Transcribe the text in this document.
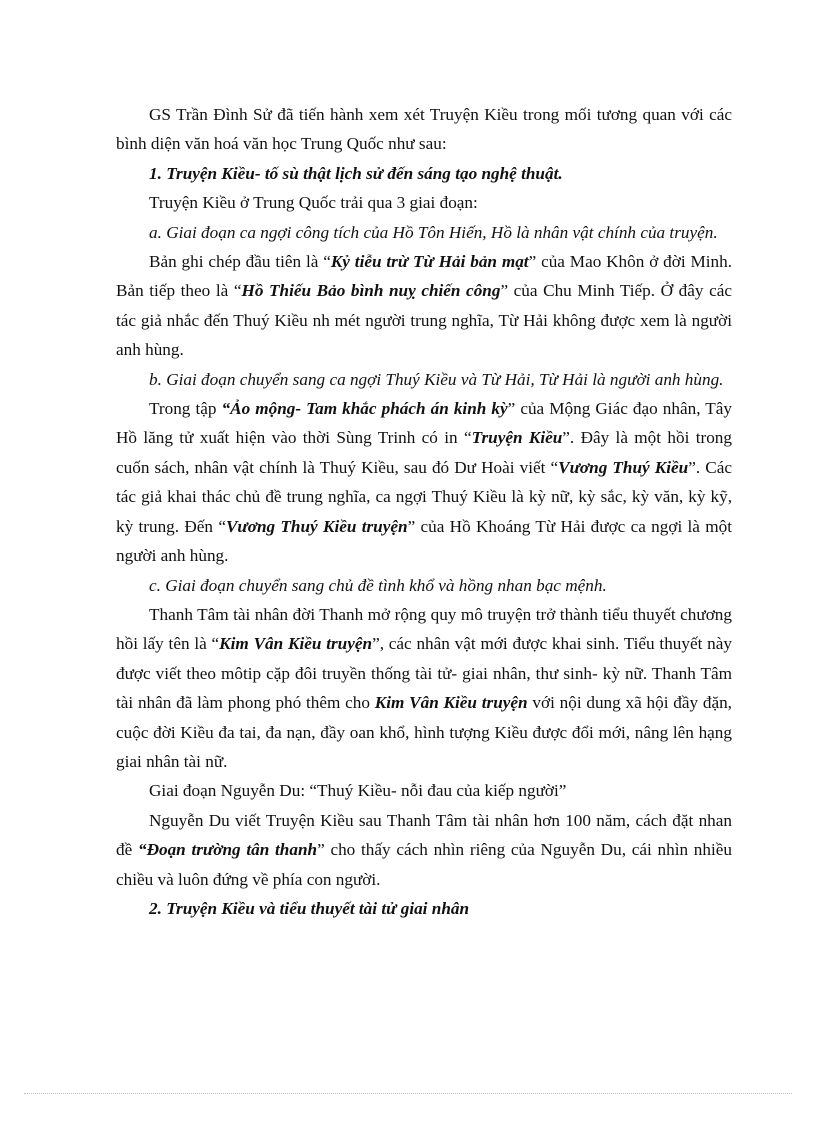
GS Trần Đình Sử đã tiến hành xem xét Truyện Kiều trong mối tương quan với các bình diện văn hoá văn học Trung Quốc như sau:

1. Truyện Kiều- tố sù thật lịch sử đến sáng tạo nghệ thuật.

Truyện Kiều ở Trung Quốc trải qua 3 giai đoạn:

a. Giai đoạn ca ngợi công tích của Hồ Tôn Hiến, Hồ là nhân vật chính của truyện.

Bản ghi chép đầu tiên là “Kỷ tiễu trừ Từ Hải bản mạt” của Mao Khôn ở đời Minh. Bản tiếp theo là “Hồ Thiếu Bảo bình nuỵ chiến công” của Chu Minh Tiếp. Ở đây các tác giả nhắc đến Thuý Kiều nh mét người trung nghĩa, Từ Hải không được xem là người anh hùng.

b. Giai đoạn chuyển sang ca ngợi Thuý Kiều và Từ Hải, Từ Hải là người anh hùng.

Trong tập “Ảo mộng- Tam khắc phách án kinh kỳ” của Mộng Giác đạo nhân, Tây Hồ lăng tử xuất hiện vào thời Sùng Trinh có in “Truyện Kiều”. Đây là một hồi trong cuốn sách, nhân vật chính là Thuý Kiều, sau đó Dư Hoài viết “Vương Thuý Kiều”. Các tác giả khai thác chủ đề trung nghĩa, ca ngợi Thuý Kiều là kỳ nữ, kỳ sắc, kỳ văn, kỳ kỹ, kỳ trung. Đến “Vương Thuý Kiều truyện” của Hồ Khoáng Từ Hải được ca ngợi là một người anh hùng.

c. Giai đoạn chuyển sang chủ đề tình khổ và hồng nhan bạc mệnh.

Thanh Tâm tài nhân đời Thanh mở rộng quy mô truyện trở thành tiểu thuyết chương hồi lấy tên là “Kim Vân Kiều truyện”, các nhân vật mới được khai sinh. Tiểu thuyết này được viết theo môtip cặp đôi truyền thống tài tử- giai nhân, thư sinh- kỳ nữ. Thanh Tâm tài nhân đã làm phong phó thêm cho Kim Vân Kiều truyện với nội dung xã hội đầy đặn, cuộc đời Kiều đa tai, đa nạn, đầy oan khổ, hình tượng Kiều được đổi mới, nâng lên hạng giai nhân tài nữ.

Giai đoạn Nguyễn Du: “Thuý Kiều- nỗi đau của kiếp người”

Nguyễn Du viết Truyện Kiều sau Thanh Tâm tài nhân hơn 100 năm, cách đặt nhan đề “Đoạn trường tân thanh” cho thấy cách nhìn riêng của Nguyễn Du, cái nhìn nhiều chiều và luôn đứng về phía con người.

2. Truyện Kiều và tiểu thuyết tài tử giai nhân
